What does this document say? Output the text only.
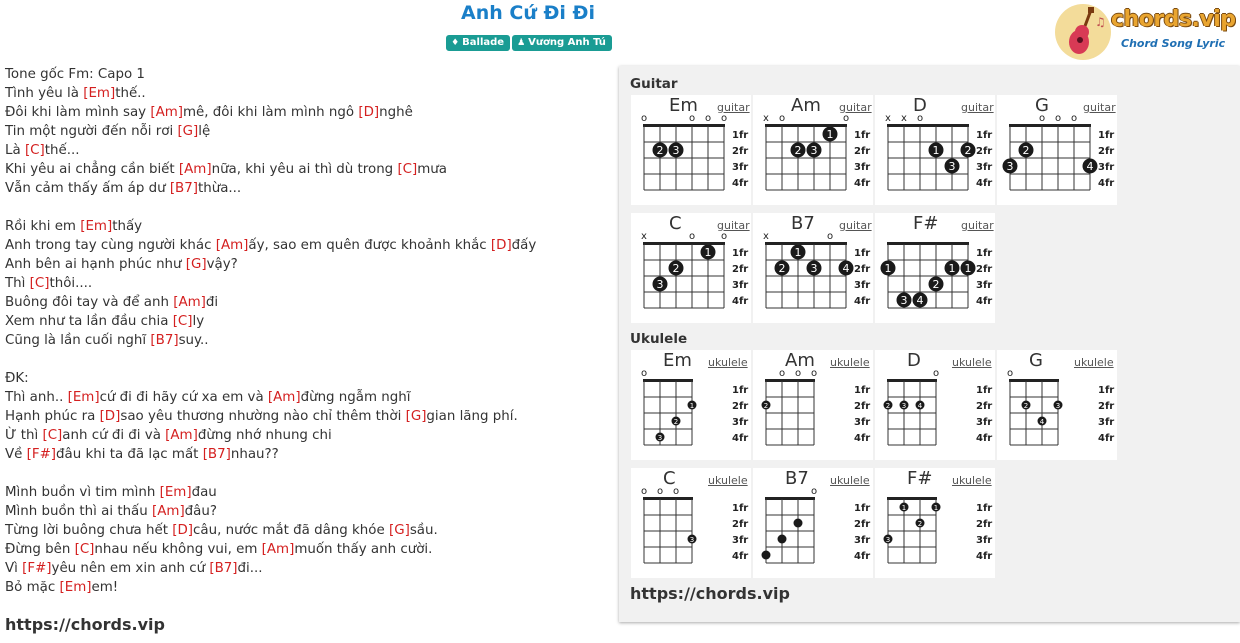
Anh Cứ Đi Đi
♦ Ballade ♟ Vương Anh Tú
♫ chords.vip
Chord Song Lyric
Tone gốc Fm: Capo 1
Tình yêu là [Em]thế..
Đôi khi làm mình say [Am]mê, đôi khi làm mình ngô [D]nghê
Tin một người đến nỗi rơi [G]lệ
Là [C]thế...
Khi yêu ai chẳng cần biết [Am]nữa, khi yêu ai thì dù trong [C]mưa
Vẫn cảm thấy ấm áp dư [B7]thừa...
Rồi khi em [Em]thấy
Anh trong tay cùng người khác [Am]ấy, sao em quên được khoảnh khắc [D]đấy
Anh bên ai hạnh phúc như [G]vậy?
Thì [C]thôi....
Buông đôi tay và để anh [Am]đi
Xem như ta lần đầu chia [C]ly
Cũng là lần cuối nghĩ [B7]suy..
ĐK:
Thì anh.. [Em]cứ đi đi hãy cứ xa em và [Am]đừng ngẫm nghĩ
Hạnh phúc ra [D]sao yêu thương nhường nào chỉ thêm thời [G]gian lãng phí.
Ừ thì [C]anh cứ đi đi và [Am]đừng nhớ nhung chi
Về [F#]đâu khi ta đã lạc mất [B7]nhau??
Mình buồn vì tim mình [Em]đau
Mình buồn thì ai thấu [Am]đâu?
Từng lời buông chưa hết [D]câu, nước mắt đã dâng khóe [G]sầu.
Đừng bên [C]nhau nếu không vui, em [Am]muốn thấy anh cười.
Vì [F#]yêu nên em xin anh cứ [B7]đi...
Bỏ mặc [Em]em!
https://chords.vip
Guitar
Ukulele
https://chords.vip
o	o o o
1fr
2fr
3fr
4fr
2 3
Em guitar
x o	o
1fr
2fr
3fr
4fr
1
2 3
Am guitar
x x o
1fr
2fr
3fr
4fr
1 2
3
D	guitar
o o o
1fr
2fr
3fr
4fr
2
3	4
G	guitar
x	o	o
1fr
2fr
3fr
4fr
1
2
3
C	guitar
x	o
1fr
2fr
3fr
4fr
1
2 3 4
B7 guitar
1fr
2fr
3fr
4fr
1	1 1
2
3 4
F# guitar
o
1fr
2fr
3fr
4fr
1
2
3
Em ukulele
o o o
1fr
2fr
3fr
4fr
2
Am ukulele
o
1fr
2fr
3fr
4fr
2 3 4
D	ukulele
o
1fr
2fr
3fr
4fr
2	3
4
G	ukulele
o o o
1fr
2fr
3fr
4fr
3
C	ukulele
o
1fr
2fr
3fr
4fr
B7 ukulele
1fr
2fr
3fr
4fr
1	1
2
3
F# ukulele
